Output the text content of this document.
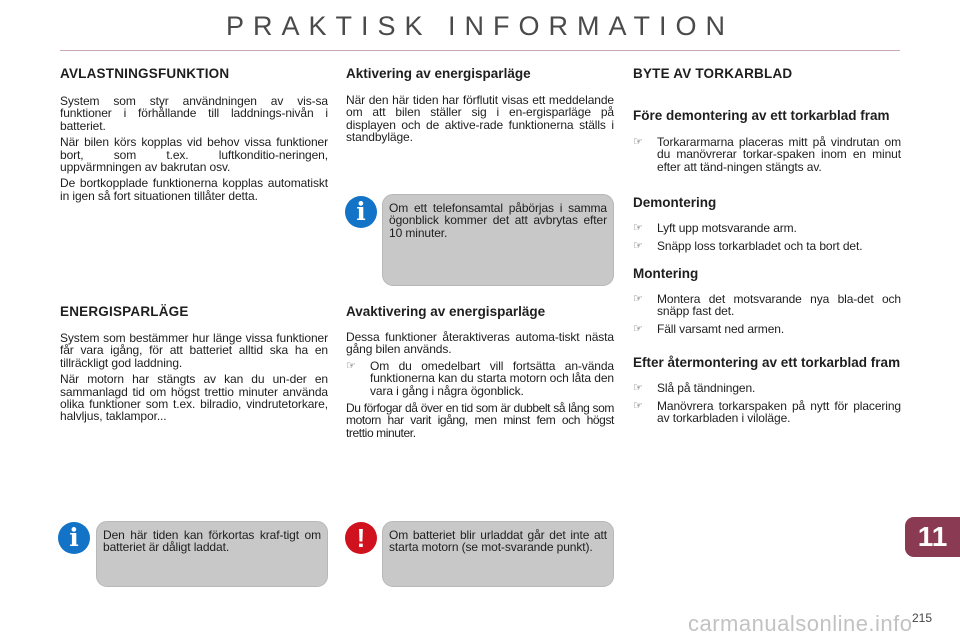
PRAKTISK INFORMATION
AVLASTNINGSFUNKTION

System som styr användningen av vis-sa funktioner i förhållande till laddnings-nivån i batteriet.

När bilen körs kopplas vid behov vissa funktioner bort, som t.ex. luftkonditio-neringen, uppvärmningen av bakrutan osv.

De bortkopplade funktionerna kopplas automatiskt in igen så fort situationen tillåter detta.

ENERGISPARLÄGE

System som bestämmer hur länge vissa funktioner får vara igång, för att batteriet alltid ska ha en tillräckligt god laddning.

När motorn har stängts av kan du un-der en sammanlagd tid om högst trettio minuter använda olika funktioner som t.ex. bilradio, vindrutetorkare, halvljus, taklampor...

Den här tiden kan förkortas kraf-tigt om batteriet är dåligt laddat.
i
Aktivering av energisparläge

När den här tiden har förflutit visas ett meddelande om att bilen ställer sig i en-ergisparläge på displayen och de aktive-rade funktionerna ställs i standbyläge.

Om ett telefonsamtal påbörjas i samma ögonblick kommer det att avbrytas efter 10 minuter.
i
Avaktivering av energisparläge

Dessa funktioner återaktiveras automa-tiskt nästa gång bilen används.

☞ Om du omedelbart vill fortsätta an-vända funktionerna kan du starta motorn och låta den vara i gång i några ögonblick.

Du förfogar då över en tid som är dubbelt så lång som motorn har varit igång, men minst fem och högst trettio minuter.

Om batteriet blir urladdat går det inte att starta motorn (se mot-svarande punkt).
!
BYTE AV TORKARBLAD
Före demontering av ett torkarblad fram
☞ Torkararmarna placeras mitt på vindrutan om du manövrerar torkar-spaken inom en minut efter att tänd-ningen stängts av.
Demontering
☞ Lyft upp motsvarande arm.
☞ Snäpp loss torkarbladet och ta bort det.
Montering
☞ Montera det motsvarande nya bla-det och snäpp fast det.
☞ Fäll varsamt ned armen.
Efter återmontering av ett torkarblad fram
☞ Slå på tändningen.
☞ Manövrera torkarspaken på nytt för placering av torkarbladen i viloläge.
11
carmanualsonline.info 215
